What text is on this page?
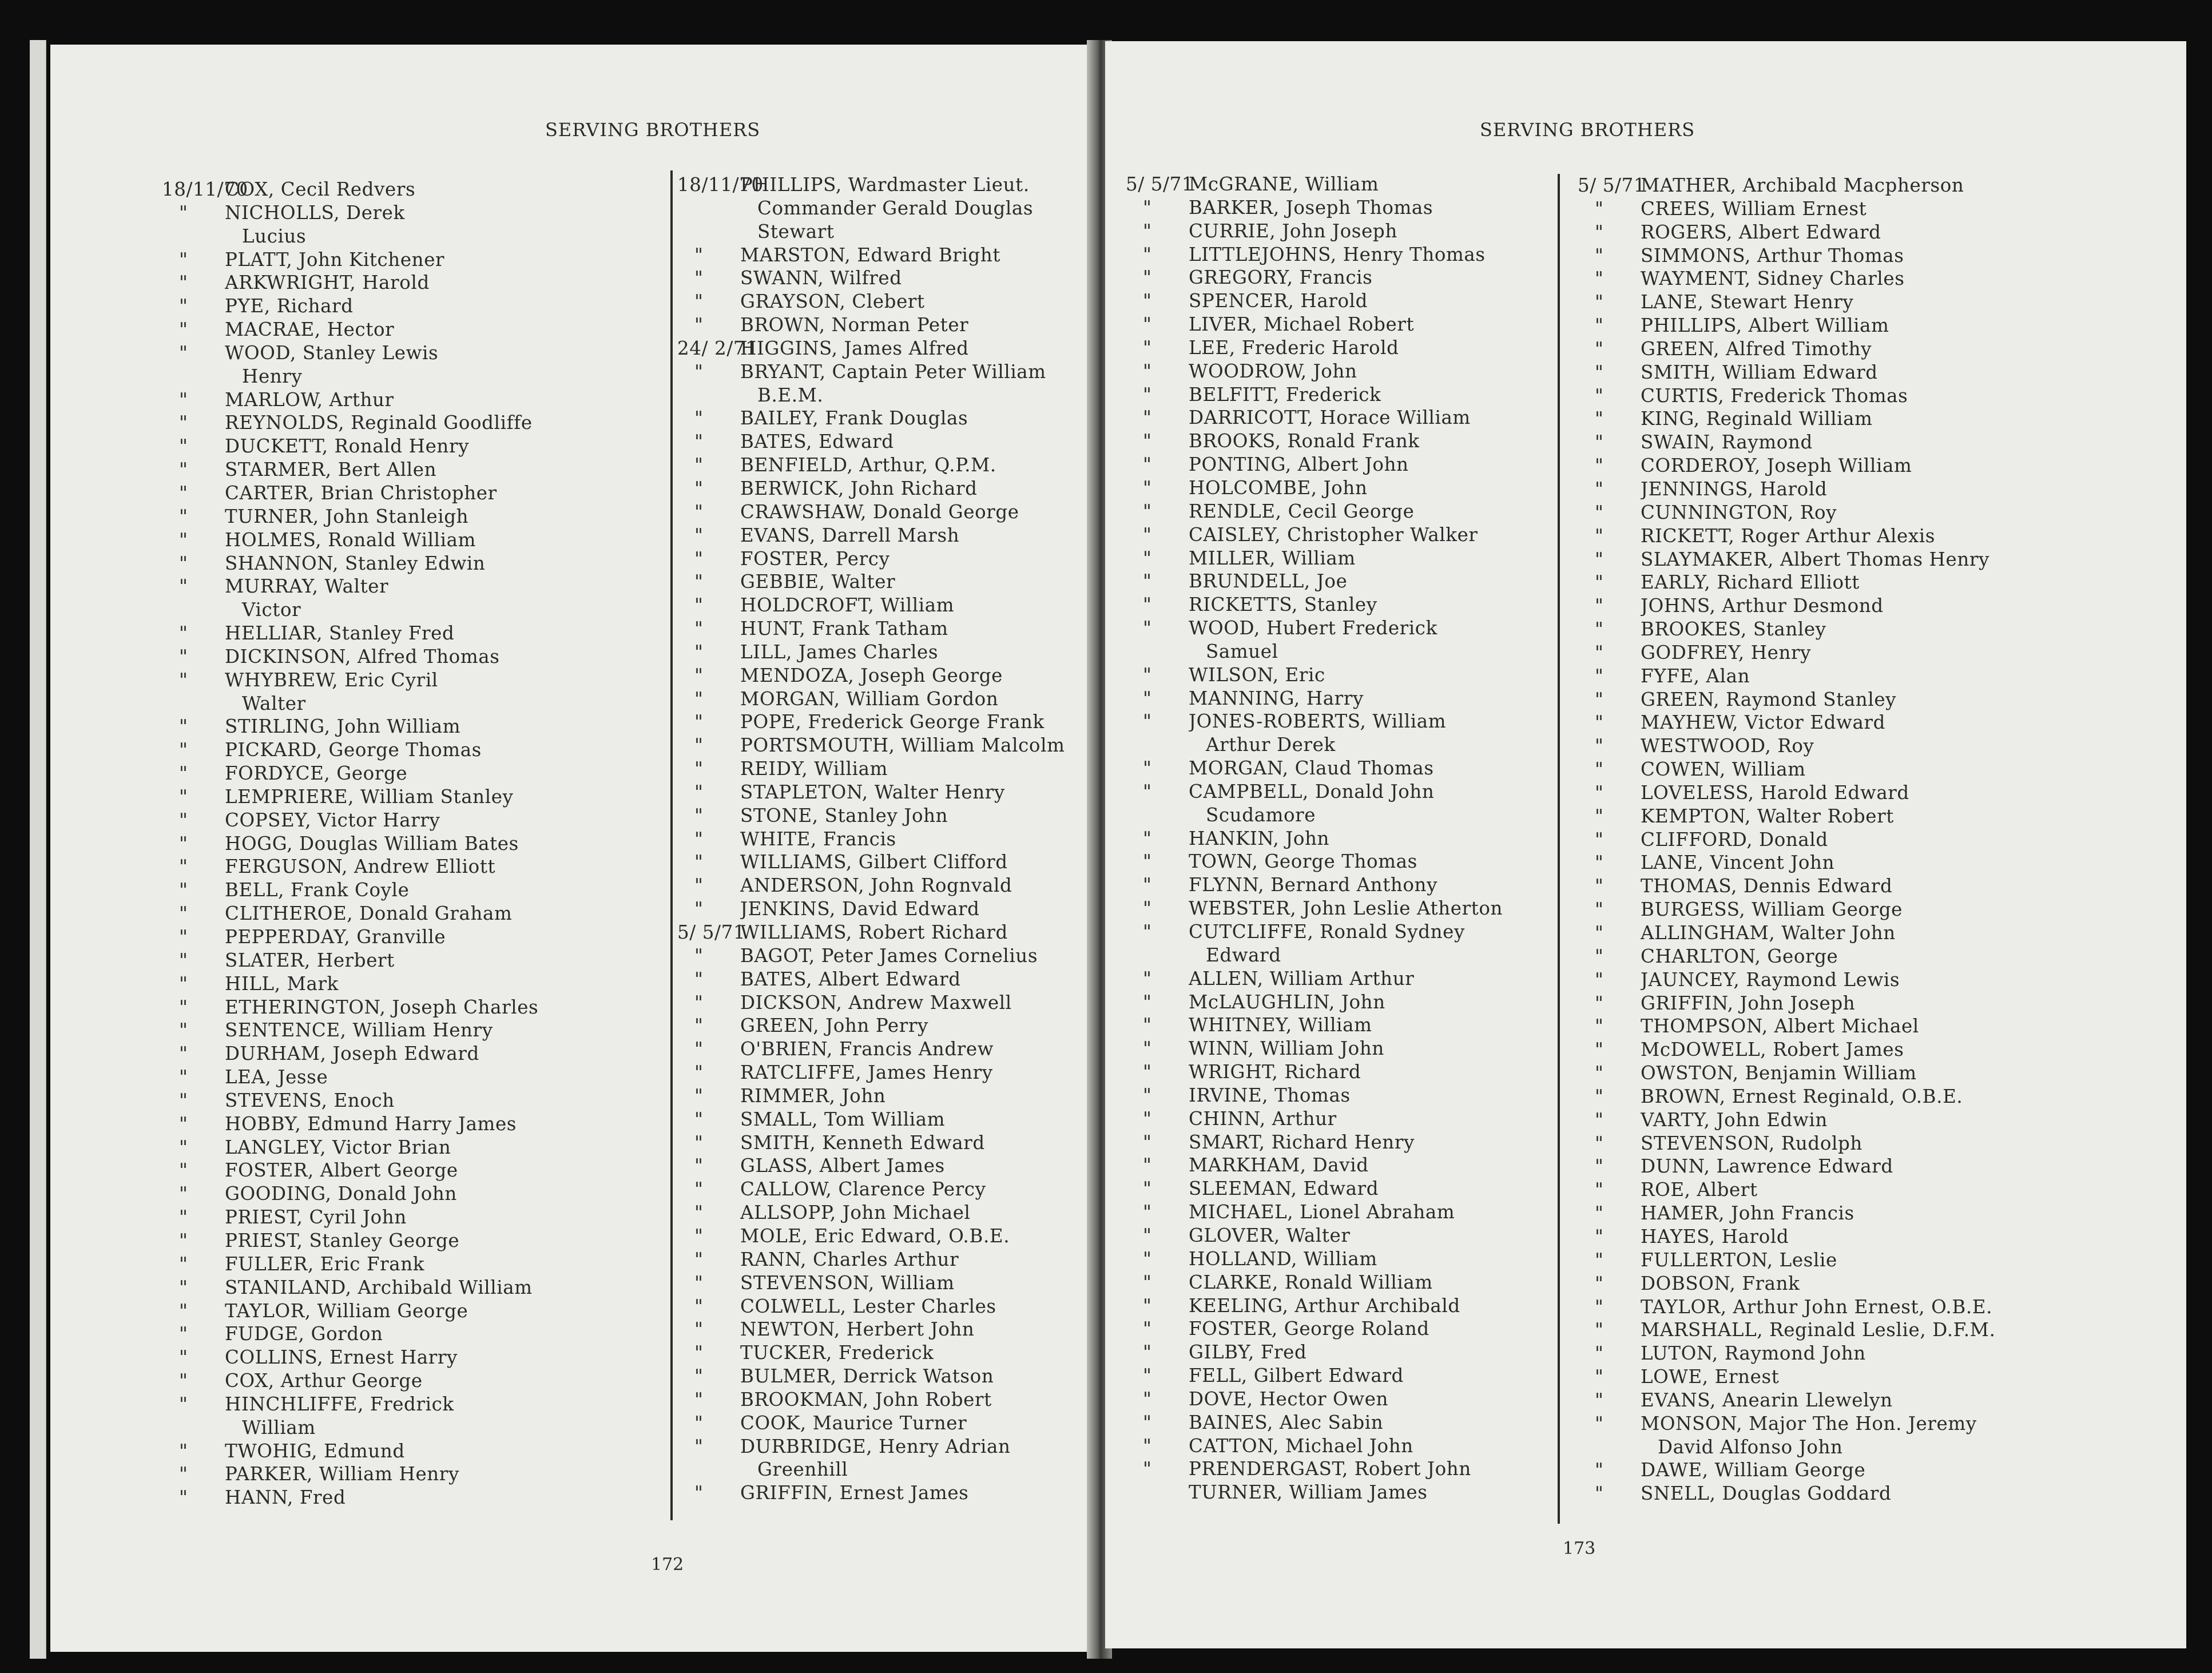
SERVING BROTHERS
18/11/70
COX, Cecil Redvers
" NICHOLLS, Derek
Lucius
" PLATT, John Kitchener
" ARKWRIGHT, Harold
" PYE, Richard
" MACRAE, Hector
" WOOD, Stanley Lewis
Henry
" MARLOW, Arthur
" REYNOLDS, Reginald Goodliffe
" DUCKETT, Ronald Henry
" STARMER, Bert Allen
" CARTER, Brian Christopher
" TURNER, John Stanleigh
" HOLMES, Ronald William
" SHANNON, Stanley Edwin
" MURRAY, Walter
Victor
" HELLIAR, Stanley Fred
" DICKINSON, Alfred Thomas
" WHYBREW, Eric Cyril
Walter
" STIRLING, John William
" PICKARD, George Thomas
" FORDYCE, George
" LEMPRIERE, William Stanley
" COPSEY, Victor Harry
" HOGG, Douglas William Bates
" FERGUSON, Andrew Elliott
" BELL, Frank Coyle
" CLITHEROE, Donald Graham
" PEPPERDAY, Granville
" SLATER, Herbert
" HILL, Mark
" ETHERINGTON, Joseph Charles
" SENTENCE, William Henry
" DURHAM, Joseph Edward
" LEA, Jesse
" STEVENS, Enoch
" HOBBY, Edmund Harry James
" LANGLEY, Victor Brian
" FOSTER, Albert George
" GOODING, Donald John
" PRIEST, Cyril John
" PRIEST, Stanley George
" FULLER, Eric Frank
" STANILAND, Archibald William
" TAYLOR, William George
" FUDGE, Gordon
" COLLINS, Ernest Harry
" COX, Arthur George
" HINCHLIFFE, Fredrick
William
" TWOHIG, Edmund
" PARKER, William Henry
" HANN, Fred
18/11/70
PHILLIPS, Wardmaster Lieut.
Commander Gerald Douglas
Stewart
" MARSTON, Edward Bright
" SWANN, Wilfred
" GRAYSON, Clebert
" BROWN, Norman Peter
24/ 2/71
HIGGINS, James Alfred
" BRYANT, Captain Peter William
B.E.M.
" BAILEY, Frank Douglas
" BATES, Edward
" BENFIELD, Arthur, Q.P.M.
" BERWICK, John Richard
" CRAWSHAW, Donald George
" EVANS, Darrell Marsh
" FOSTER, Percy
" GEBBIE, Walter
" HOLDCROFT, William
" HUNT, Frank Tatham
" LILL, James Charles
" MENDOZA, Joseph George
" MORGAN, William Gordon
" POPE, Frederick George Frank
" PORTSMOUTH, William Malcolm
" REIDY, William
" STAPLETON, Walter Henry
" STONE, Stanley John
" WHITE, Francis
" WILLIAMS, Gilbert Clifford
" ANDERSON, John Rognvald
" JENKINS, David Edward
5/ 5/71
WILLIAMS, Robert Richard
" BAGOT, Peter James Cornelius
" BATES, Albert Edward
" DICKSON, Andrew Maxwell
" GREEN, John Perry
" O'BRIEN, Francis Andrew
" RATCLIFFE, James Henry
" RIMMER, John
" SMALL, Tom William
" SMITH, Kenneth Edward
" GLASS, Albert James
" CALLOW, Clarence Percy
" ALLSOPP, John Michael
" MOLE, Eric Edward, O.B.E.
" RANN, Charles Arthur
" STEVENSON, William
" COLWELL, Lester Charles
" NEWTON, Herbert John
" TUCKER, Frederick
" BULMER, Derrick Watson
" BROOKMAN, John Robert
" COOK, Maurice Turner
" DURBRIDGE, Henry Adrian
Greenhill
" GRIFFIN, Ernest James
172
SERVING BROTHERS
5/ 5/71
McGRANE, William
" BARKER, Joseph Thomas
" CURRIE, John Joseph
" LITTLEJOHNS, Henry Thomas
" GREGORY, Francis
" SPENCER, Harold
" LIVER, Michael Robert
" LEE, Frederic Harold
" WOODROW, John
" BELFITT, Frederick
" DARRICOTT, Horace William
" BROOKS, Ronald Frank
" PONTING, Albert John
" HOLCOMBE, John
" RENDLE, Cecil George
" CAISLEY, Christopher Walker
" MILLER, William
" BRUNDELL, Joe
" RICKETTS, Stanley
" WOOD, Hubert Frederick
Samuel
" WILSON, Eric
" MANNING, Harry
" JONES-ROBERTS, William
Arthur Derek
" MORGAN, Claud Thomas
" CAMPBELL, Donald John
Scudamore
" HANKIN, John
" TOWN, George Thomas
" FLYNN, Bernard Anthony
" WEBSTER, John Leslie Atherton
" CUTCLIFFE, Ronald Sydney
Edward
" ALLEN, William Arthur
" McLAUGHLIN, John
" WHITNEY, William
" WINN, William John
" WRIGHT, Richard
" IRVINE, Thomas
" CHINN, Arthur
" SMART, Richard Henry
" MARKHAM, David
" SLEEMAN, Edward
" MICHAEL, Lionel Abraham
" GLOVER, Walter
" HOLLAND, William
" CLARKE, Ronald William
" KEELING, Arthur Archibald
" FOSTER, George Roland
" GILBY, Fred
" FELL, Gilbert Edward
" DOVE, Hector Owen
" BAINES, Alec Sabin
" CATTON, Michael John
" PRENDERGAST, Robert John
TURNER, William James
5/ 5/71
MATHER, Archibald Macpherson
" CREES, William Ernest
" ROGERS, Albert Edward
" SIMMONS, Arthur Thomas
" WAYMENT, Sidney Charles
" LANE, Stewart Henry
" PHILLIPS, Albert William
" GREEN, Alfred Timothy
" SMITH, William Edward
" CURTIS, Frederick Thomas
" KING, Reginald William
" SWAIN, Raymond
" CORDEROY, Joseph William
" JENNINGS, Harold
" CUNNINGTON, Roy
" RICKETT, Roger Arthur Alexis
" SLAYMAKER, Albert Thomas Henry
" EARLY, Richard Elliott
" JOHNS, Arthur Desmond
" BROOKES, Stanley
" GODFREY, Henry
" FYFE, Alan
" GREEN, Raymond Stanley
" MAYHEW, Victor Edward
" WESTWOOD, Roy
" COWEN, William
" LOVELESS, Harold Edward
" KEMPTON, Walter Robert
" CLIFFORD, Donald
" LANE, Vincent John
" THOMAS, Dennis Edward
" BURGESS, William George
" ALLINGHAM, Walter John
" CHARLTON, George
" JAUNCEY, Raymond Lewis
" GRIFFIN, John Joseph
" THOMPSON, Albert Michael
" McDOWELL, Robert James
" OWSTON, Benjamin William
" BROWN, Ernest Reginald, O.B.E.
" VARTY, John Edwin
" STEVENSON, Rudolph
" DUNN, Lawrence Edward
" ROE, Albert
" HAMER, John Francis
" HAYES, Harold
" FULLERTON, Leslie
" DOBSON, Frank
" TAYLOR, Arthur John Ernest, O.B.E.
" MARSHALL, Reginald Leslie, D.F.M.
" LUTON, Raymond John
" LOWE, Ernest
" EVANS, Anearin Llewelyn
" MONSON, Major The Hon. Jeremy
David Alfonso John
" DAWE, William George
" SNELL, Douglas Goddard
173
